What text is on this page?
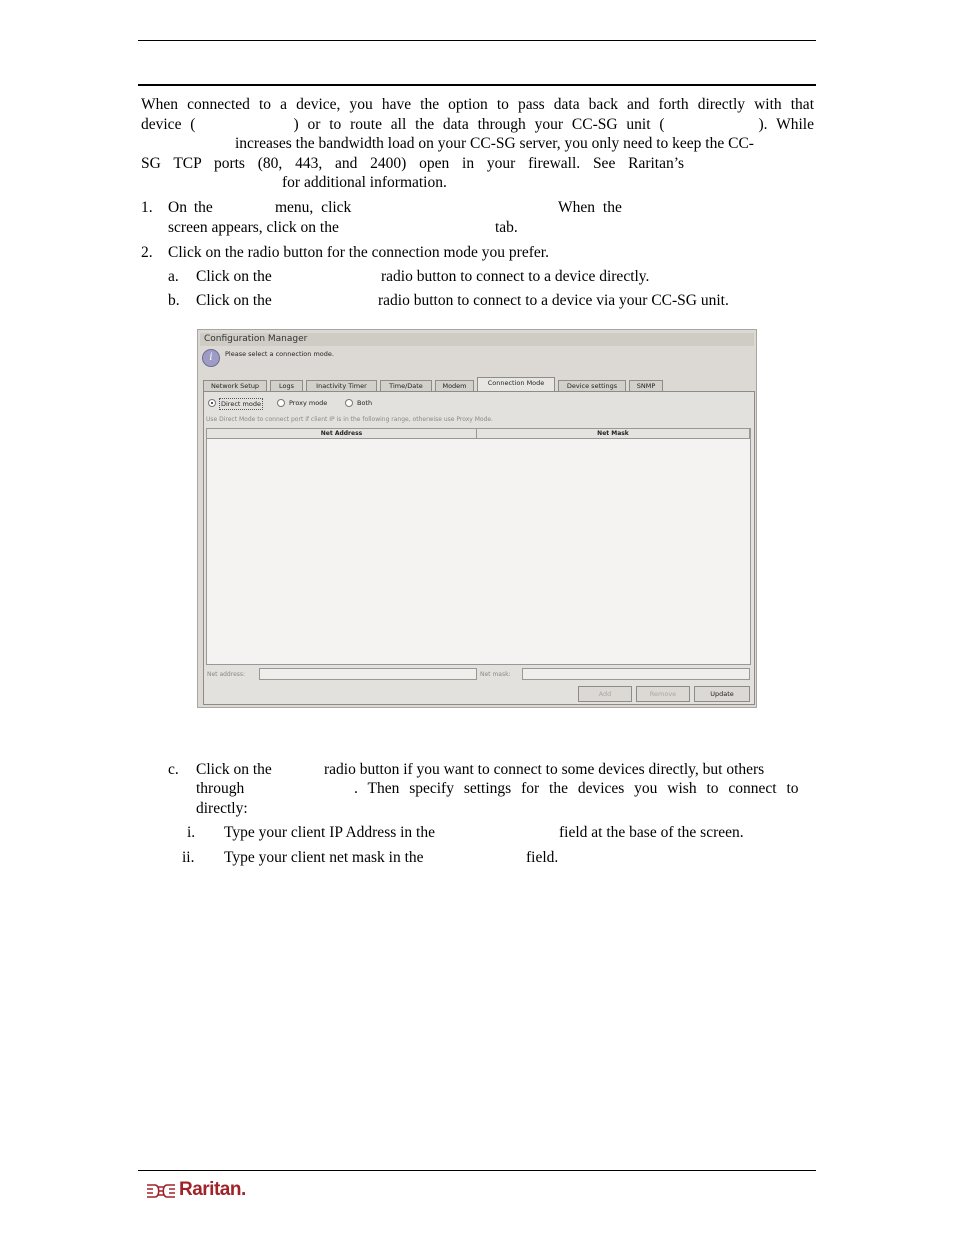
When connected to a device, you have the option to pass data back and forth directly with that
device (	) or to route all the data through your CC-SG unit (	). While
increases the bandwidth load on your CC-SG server, you only need to keep the CC-
SG TCP ports (80, 443, and 2400) open in your firewall. See Raritan’s
for additional information.
1. On the	menu, click	When the
screen appears, click on the	tab.
2. Click on the radio button for the connection mode you prefer.
a. Click on the	radio button to connect to a device directly.
b. Click on the	radio button to connect to a device via your CC-SG unit.
Configuration Manager
i	Please select a connection mode.
Network Setup	Logs	Inactivity Timer	Time/Date	Modem	Connection Mode	Device settings	SNMP
Direct mode	Proxy mode	Both
Use Direct Mode to connect port if client IP is in the following range, otherwise use Proxy Mode.
Net Address	Net Mask
Net address:	Net mask:
Add	Remove	Update
c. Click on the	radio button if you want to connect to some devices directly, but others
through	. Then specify settings for the devices you wish to connect to
directly:
i. Type your client IP Address in the	field at the base of the screen.
ii. Type your client net mask in the	field.
Raritan.
